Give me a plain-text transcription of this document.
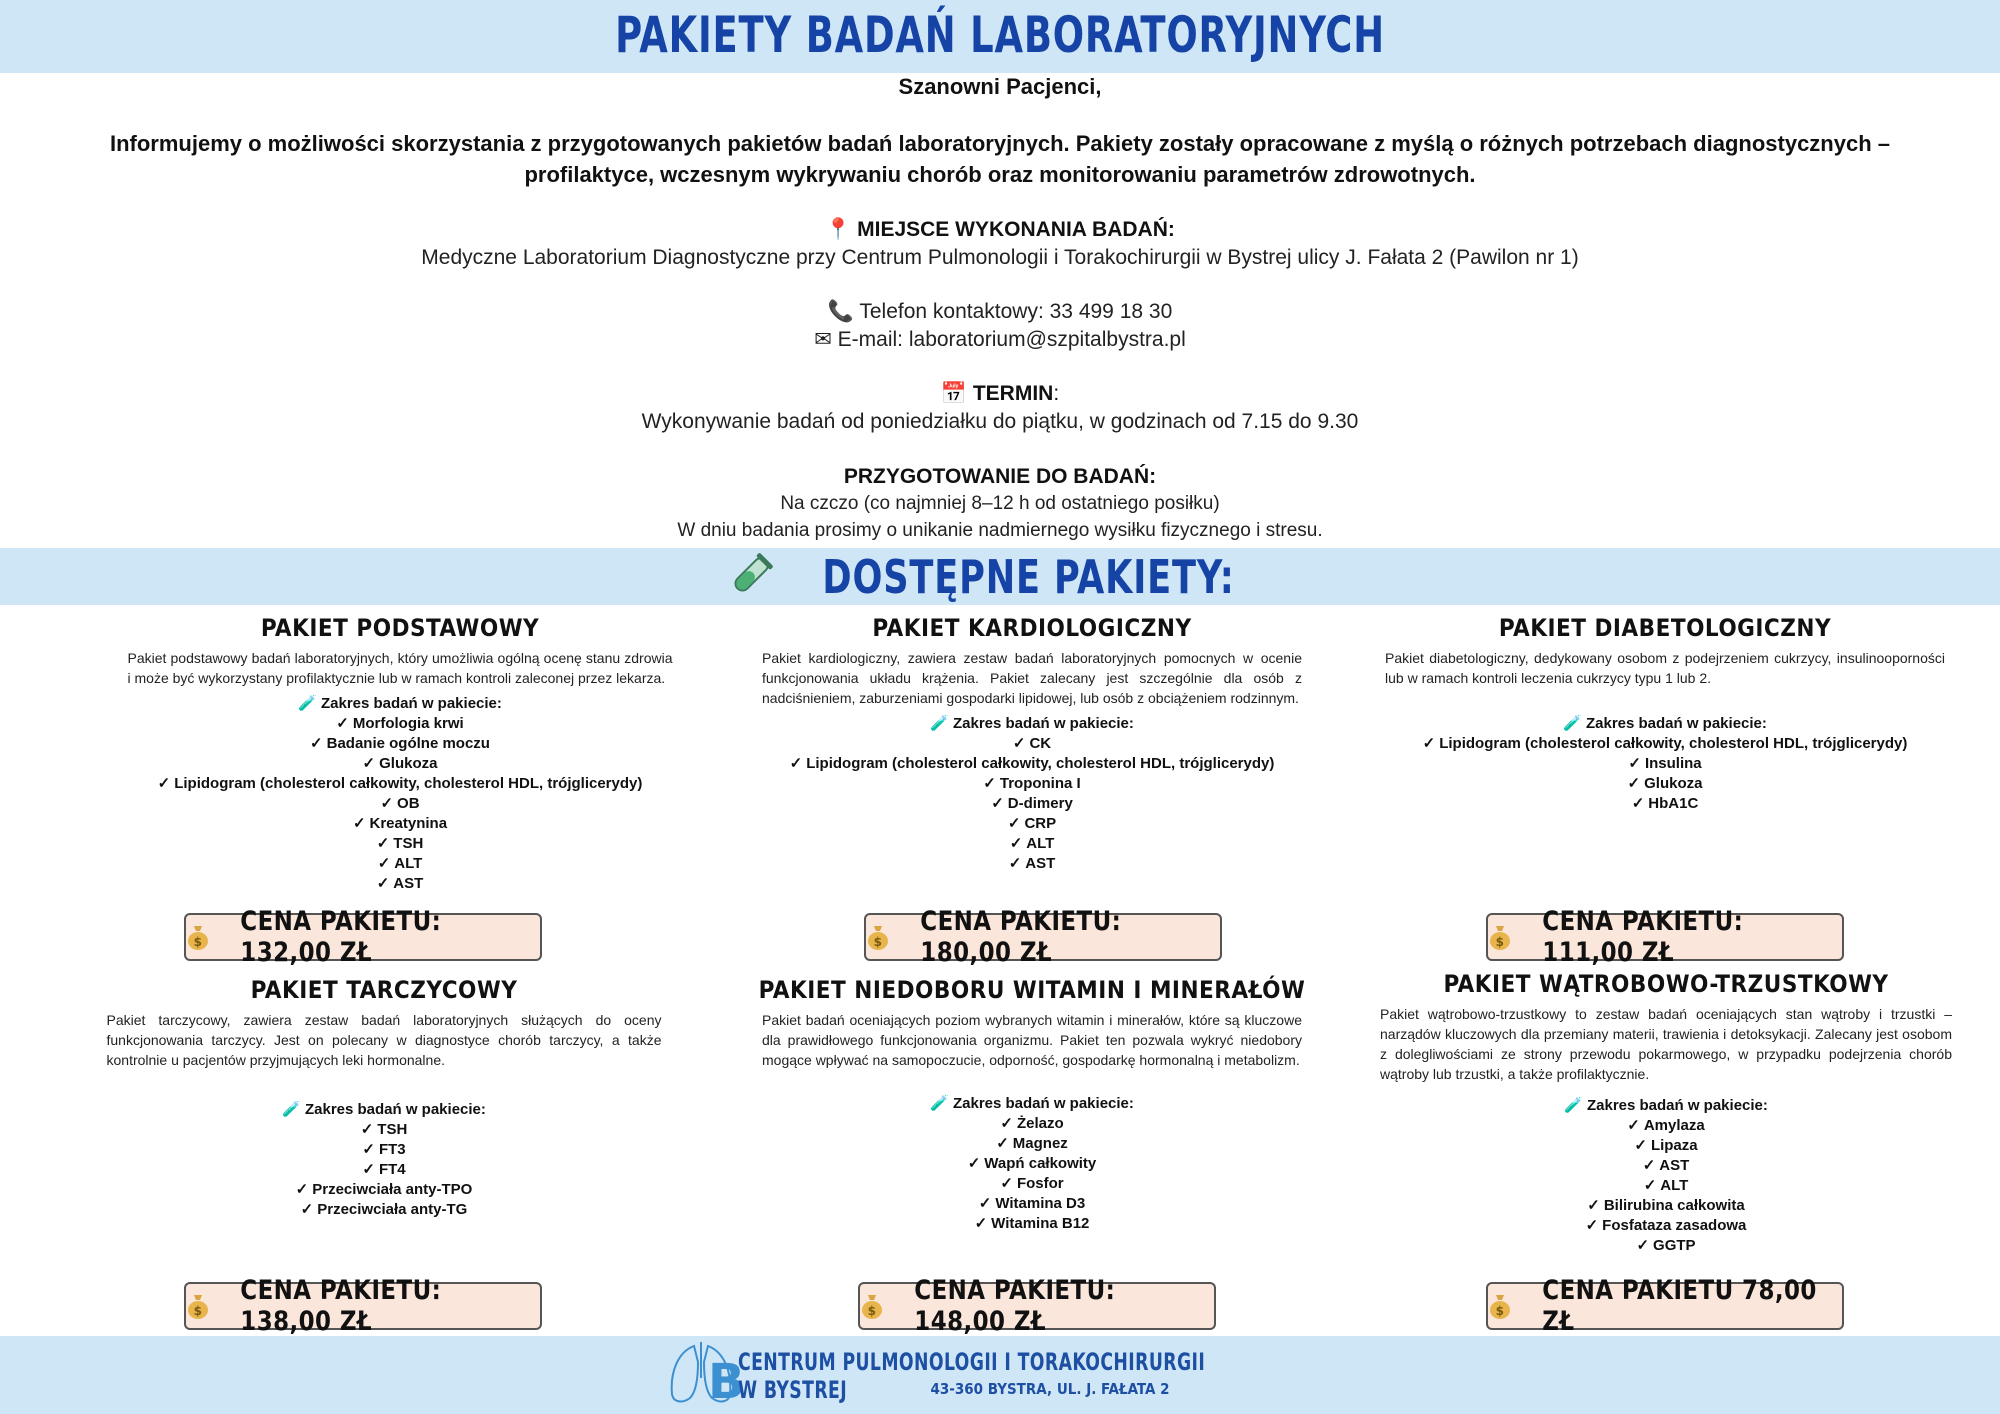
PAKIETY BADAŃ LABORATORYJNYCH
Szanowni Pacjenci,
Informujemy o możliwości skorzystania z przygotowanych pakietów badań laboratoryjnych. Pakiety zostały opracowane z myślą o różnych potrzebach diagnostycznych – profilaktyce, wczesnym wykrywaniu chorób oraz monitorowaniu parametrów zdrowotnych.
📍 MIEJSCE WYKONANIA BADAŃ:
Medyczne Laboratorium Diagnostyczne przy Centrum Pulmonologii i Torakochirurgii w Bystrej ulicy J. Fałata 2 (Pawilon nr 1)
📞 Telefon kontaktowy: 33 499 18 30
✉ E-mail: laboratorium@szpitalbystra.pl
📅 TERMIN:
Wykonywanie badań od poniedziałku do piątku, w godzinach od 7.15 do 9.30
PRZYGOTOWANIE DO BADAŃ:
Na czczo (co najmniej 8–12 h od ostatniego posiłku)
W dniu badania prosimy o unikanie nadmiernego wysiłku fizycznego i stresu.
DOSTĘPNE PAKIETY:
PAKIET PODSTAWOWY
Pakiet podstawowy badań laboratoryjnych, który umożliwia ogólną ocenę stanu zdrowia i może być wykorzystany profilaktycznie lub w ramach kontroli zaleconej przez lekarza.
🧪 Zakres badań w pakiecie:
✓ Morfologia krwi
✓ Badanie ogólne moczu
✓ Glukoza
✓ Lipidogram (cholesterol całkowity, cholesterol HDL, trójglicerydy)
✓ OB
✓ Kreatynina
✓ TSH
✓ ALT
✓ AST
$
CENA PAKIETU: 132,00 ZŁ
PAKIET KARDIOLOGICZNY
Pakiet kardiologiczny, zawiera zestaw badań laboratoryjnych pomocnych w ocenie funkcjonowania układu krążenia. Pakiet zalecany jest szczególnie dla osób z nadciśnieniem, zaburzeniami gospodarki lipidowej, lub osób z obciążeniem rodzinnym.
🧪 Zakres badań w pakiecie:
✓ CK
✓ Lipidogram (cholesterol całkowity, cholesterol HDL, trójglicerydy)
✓ Troponina I
✓ D-dimery
✓ CRP
✓ ALT
✓ AST
$
CENA PAKIETU: 180,00 ZŁ
PAKIET DIABETOLOGICZNY
Pakiet diabetologiczny, dedykowany osobom z podejrzeniem cukrzycy, insulinooporności lub w ramach kontroli leczenia cukrzycy typu 1 lub 2.
🧪 Zakres badań w pakiecie:
✓ Lipidogram (cholesterol całkowity, cholesterol HDL, trójglicerydy)
✓ Insulina
✓ Glukoza
✓ HbA1C
$
CENA PAKIETU: 111,00 ZŁ
PAKIET TARCZYCOWY
Pakiet tarczycowy, zawiera zestaw badań laboratoryjnych służących do oceny funkcjonowania tarczycy. Jest on polecany w diagnostyce chorób tarczycy, a także kontrolnie u pacjentów przyjmujących leki hormonalne.
🧪 Zakres badań w pakiecie:
✓ TSH
✓ FT3
✓ FT4
✓ Przeciwciała anty-TPO
✓ Przeciwciała anty-TG
$
CENA PAKIETU: 138,00 ZŁ
PAKIET NIEDOBORU WITAMIN I MINERAŁÓW
Pakiet badań oceniających poziom wybranych witamin i minerałów, które są kluczowe dla prawidłowego funkcjonowania organizmu. Pakiet ten pozwala wykryć niedobory mogące wpływać na samopoczucie, odporność, gospodarkę hormonalną i metabolizm.
🧪 Zakres badań w pakiecie:
✓ Żelazo
✓ Magnez
✓ Wapń całkowity
✓ Fosfor
✓ Witamina D3
✓ Witamina B12
$
CENA PAKIETU: 148,00 ZŁ
PAKIET WĄTROBOWO-TRZUSTKOWY
Pakiet wątrobowo-trzustkowy to zestaw badań oceniających stan wątroby i trzustki – narządów kluczowych dla przemiany materii, trawienia i detoksykacji. Zalecany jest osobom z dolegliwościami ze strony przewodu pokarmowego, w przypadku podejrzenia chorób wątroby lub trzustki, a także profilaktycznie.
🧪 Zakres badań w pakiecie:
✓ Amylaza
✓ Lipaza
✓ AST
✓ ALT
✓ Bilirubina całkowita
✓ Fosfataza zasadowa
✓ GGTP
$
CENA PAKIETU 78,00 ZŁ
B
CENTRUM PULMONOLOGII I TORAKOCHIRURGII W BYSTREJ	43-360 BYSTRA, UL. J. FAŁATA 2
